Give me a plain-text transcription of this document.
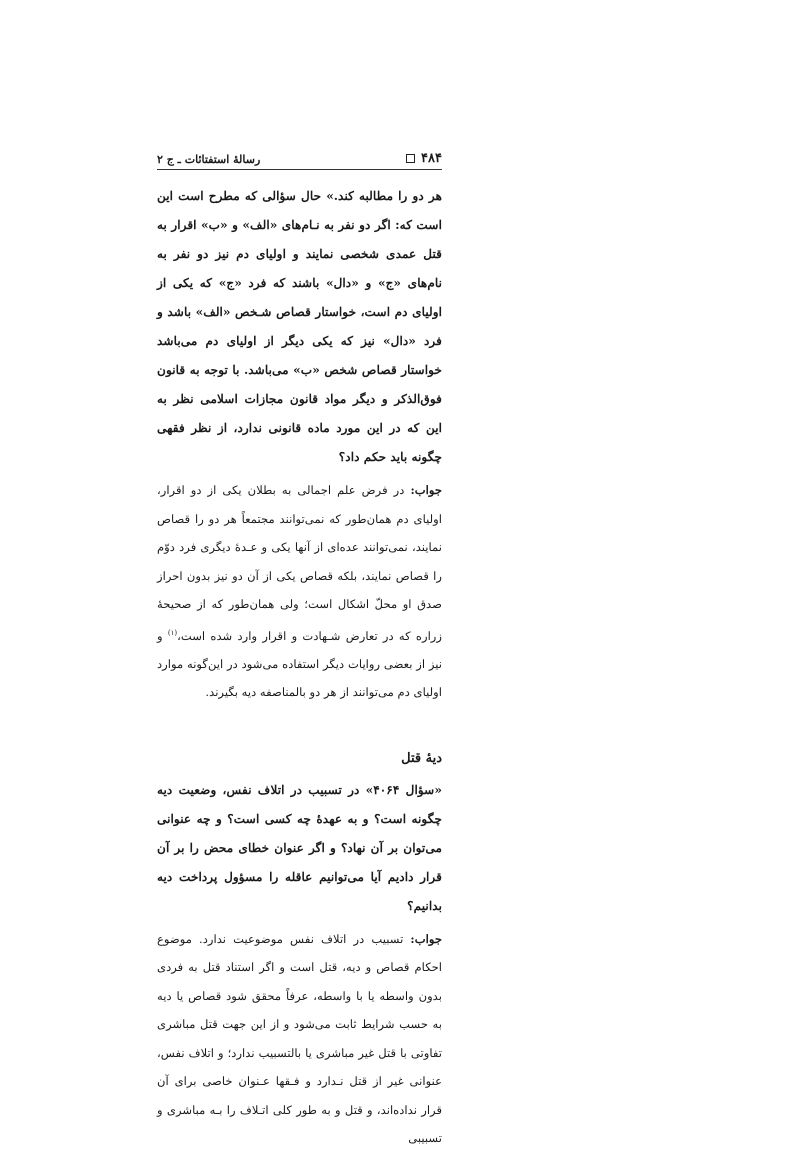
۴۸۴
رسالهٔ استفتائات ـ ج ۲

هر دو را مطالبه کند.» حال سؤالی که مطرح است این است که: اگر دو نفر به نـام‌های «الف» و «ب» اقرار به قتل عمدی شخصی نمایند و اولیای دم نیز دو نفر به نام‌های «ج» و «دال» باشند که فرد «ج» که یکی از اولیای دم است، خواستار قصاص شـخص «الف» باشد و فرد «دال» نیز که یکی دیگر از اولیای دم می‌باشد خواستار قصاص شخص «ب» می‌باشد. با توجه به قانون فوق‌الذکر و دیگر مواد قانون مجازات اسلامی نظر به این که در این مورد ماده قانونی ندارد، از نظر فقهی چگونه باید حکم داد؟

جواب: در فرض علم اجمالی به بطلان یکی از دو اقرار، اولیای دم همان‌طور که نمی‌توانند مجتمعاً هر دو را قصاص نمایند، نمی‌توانند عده‌ای از آنها یکی و عـدهٔ دیگری فرد دوّم را قصاص نمایند، بلکه قصاص یکی از آن دو نیز بدون احراز صدق او محلّ اشکال است؛ ولی همان‌طور که از صحیحهٔ زراره که در تعارض شـهادت و اقرار وارد شده است،$^{(۱)}$ و نیز از بعضی روایات دیگر استفاده می‌شود در این‌گونه موارد اولیای دم می‌توانند از هر دو بالمناصفه دیه بگیرند.

دیهٔ قتل

«سؤال ۴۰۶۴» در تسبیب در اتلاف نفس، وضعیت دیه چگونه است؟ و به عهدهٔ چه کسی است؟ و چه عنوانی می‌توان بر آن نهاد؟ و اگر عنوان خطای محض را بر آن قرار دادیم آیا می‌توانیم عاقله را مسؤول پرداخت دیه بدانیم؟

جواب: تسبیب در اتلاف نفس موضوعیت ندارد. موضوع احکام قصاص و دیه، قتل است و اگر استناد قتل به فردی بدون واسطه یا با واسطه، عرفاً محقق شود قصاص یا دیه به حسب شرایط ثابت می‌شود و از این جهت قتل مباشری تفاوتی با قتل غیر مباشری یا بالتسبیب ندارد؛ و اتلاف نفس، عنوانی غیر از قتل نـدارد و فـقها عـنوان خاصی برای آن قرار نداده‌اند، و قتل و به طور کلی اتـلاف را بـه مباشری و تسبیبی
